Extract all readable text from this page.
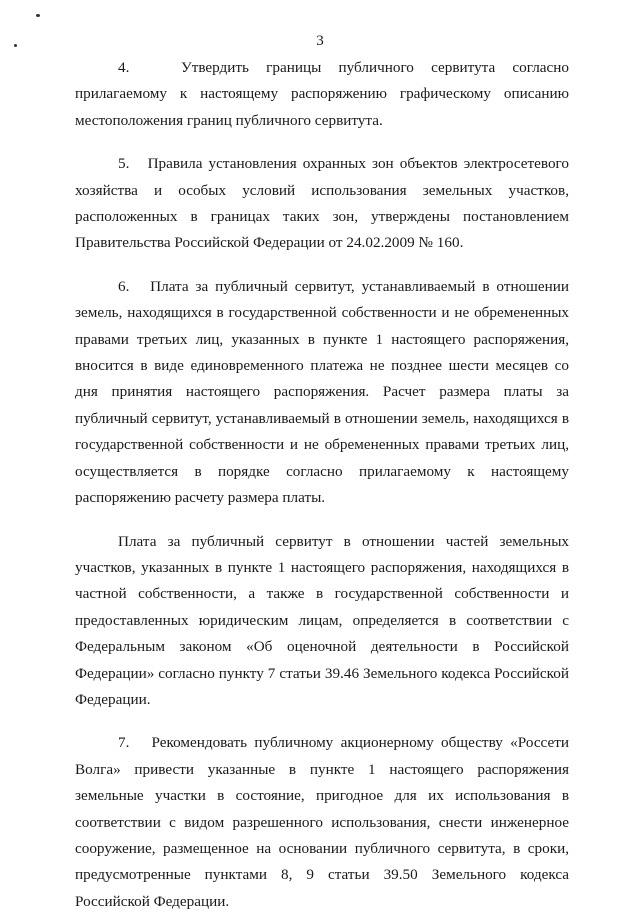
3

4.   Утвердить границы публичного сервитута согласно прилагаемому к настоящему распоряжению графическому описанию местоположения границ публичного сервитута.

5.   Правила установления охранных зон объектов электросетевого хозяйства и особых условий использования земельных участков, расположенных в границах таких зон, утверждены постановлением Правительства Российской Федерации от 24.02.2009 № 160.

6.   Плата за публичный сервитут, устанавливаемый в отношении земель, находящихся в государственной собственности и не обремененных правами третьих лиц, указанных в пункте 1 настоящего распоряжения, вносится в виде единовременного платежа не позднее шести месяцев со дня принятия настоящего распоряжения. Расчет размера платы за публичный сервитут, устанавливаемый в отношении земель, находящихся в государственной собственности и не обремененных правами третьих лиц, осуществляется в порядке согласно прилагаемому к настоящему распоряжению расчету размера платы.

Плата за публичный сервитут в отношении частей земельных участков, указанных в пункте 1 настоящего распоряжения, находящихся в частной собственности, а также в государственной собственности и предоставленных юридическим лицам, определяется в соответствии с Федеральным законом «Об оценочной деятельности в Российской Федерации» согласно пункту 7 статьи 39.46 Земельного кодекса Российской Федерации.

7.   Рекомендовать публичному акционерному обществу «Россети Волга» привести указанные в пункте 1 настоящего распоряжения земельные участки в состояние, пригодное для их использования в соответствии с видом разрешенного использования, снести инженерное сооружение, размещенное на основании публичного сервитута, в сроки, предусмотренные пунктами 8, 9 статьи 39.50 Земельного кодекса Российской Федерации.
